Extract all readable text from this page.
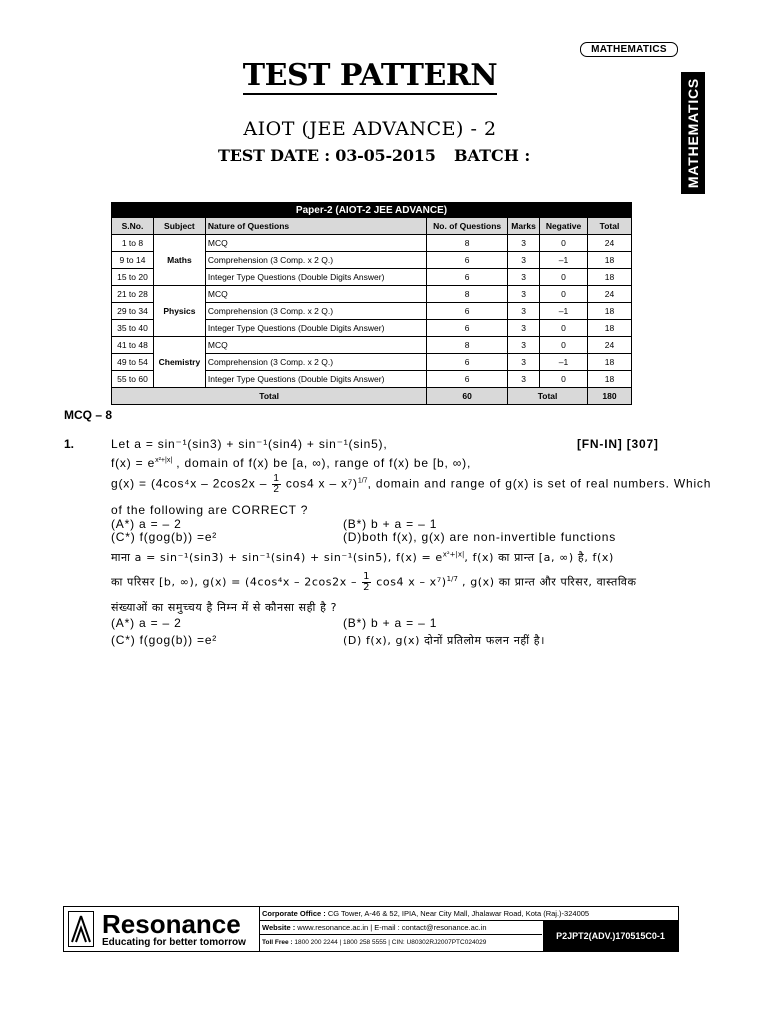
MATHEMATICS
MATHEMATICS
TEST PATTERN
AIOT (JEE ADVANCE) - 2
TEST DATE : 03-05-2015 BATCH :
Paper-2 (AIOT-2 JEE ADVANCE)						
S.No.	Subject	Nature of Questions	No. of Questions	Marks	Negative	Total
1 to 8	Maths	MCQ	8	3	0	24
9 to 14		Comprehension (3 Comp. x 2 Q.)	6	3	–1	18
15 to 20		Integer Type Questions (Double Digits Answer)	6	3	0	18
21 to 28	Physics	MCQ	8	3	0	24
29 to 34		Comprehension (3 Comp. x 2 Q.)	6	3	–1	18
35 to 40		Integer Type Questions (Double Digits Answer)	6	3	0	18
41 to 48	Chemistry	MCQ	8	3	0	24
49 to 54		Comprehension (3 Comp. x 2 Q.)	6	3	–1	18
55 to 60		Integer Type Questions (Double Digits Answer)	6	3	0	18
Total			60	Total		180
MCQ – 8
1.	[FN-IN] [307]
Let a = sin⁻¹(sin3) + sin⁻¹(sin4) + sin⁻¹(sin5),
$f(x) = e^{x^2+|x|}$ , domain of f(x) be [a, ∞), range of f(x) be [b, ∞),
$g(x) = (4\cos^4x - 2\cos 2x - \frac{1}{2} \cos 4$ x – x⁷)$^{1/7}$, domain and range of g(x) is set of real numbers. Which
of the following are CORRECT ?
(A*) a = – 2	(B*) b + a = – 1
(C*) f(gog(b)) =e²	(D)both f(x), g(x) are non-invertible functions
माना a = sin⁻¹(sin3) + sin⁻¹(sin4) + sin⁻¹(sin5), $f(x) = e^{x^2+|x|}$, f(x) का प्रान्त [a, ∞) है, f(x)
का परिसर [b, ∞), $g(x) = (4\cos^4x - 2\cos 2x - \frac{1}{2} \cos 4$ x – x⁷)$^{1/7}$ , g(x) का प्रान्त और परिसर, वास्तविक
संख्याओं का समुच्चय है निम्न में से कौनसा सही है ?
(A*) a = – 2	(B*) b + a = – 1
(C*) f(gog(b)) =e²	(D) f(x), g(x) दोनों प्रतिलोम फलन नहीं है।
Resonance
Educating for better tomorrow
Corporate Office : CG Tower, A-46 & 52, IPIA, Near City Mall, Jhalawar Road, Kota (Raj.)-324005
Website : www.resonance.ac.in | E-mail : contact@resonance.ac.in
Toll Free : 1800 200 2244 | 1800 258 5555 | CIN: U80302RJ2007PTC024029
P2JPT2(ADV.)170515C0-1
